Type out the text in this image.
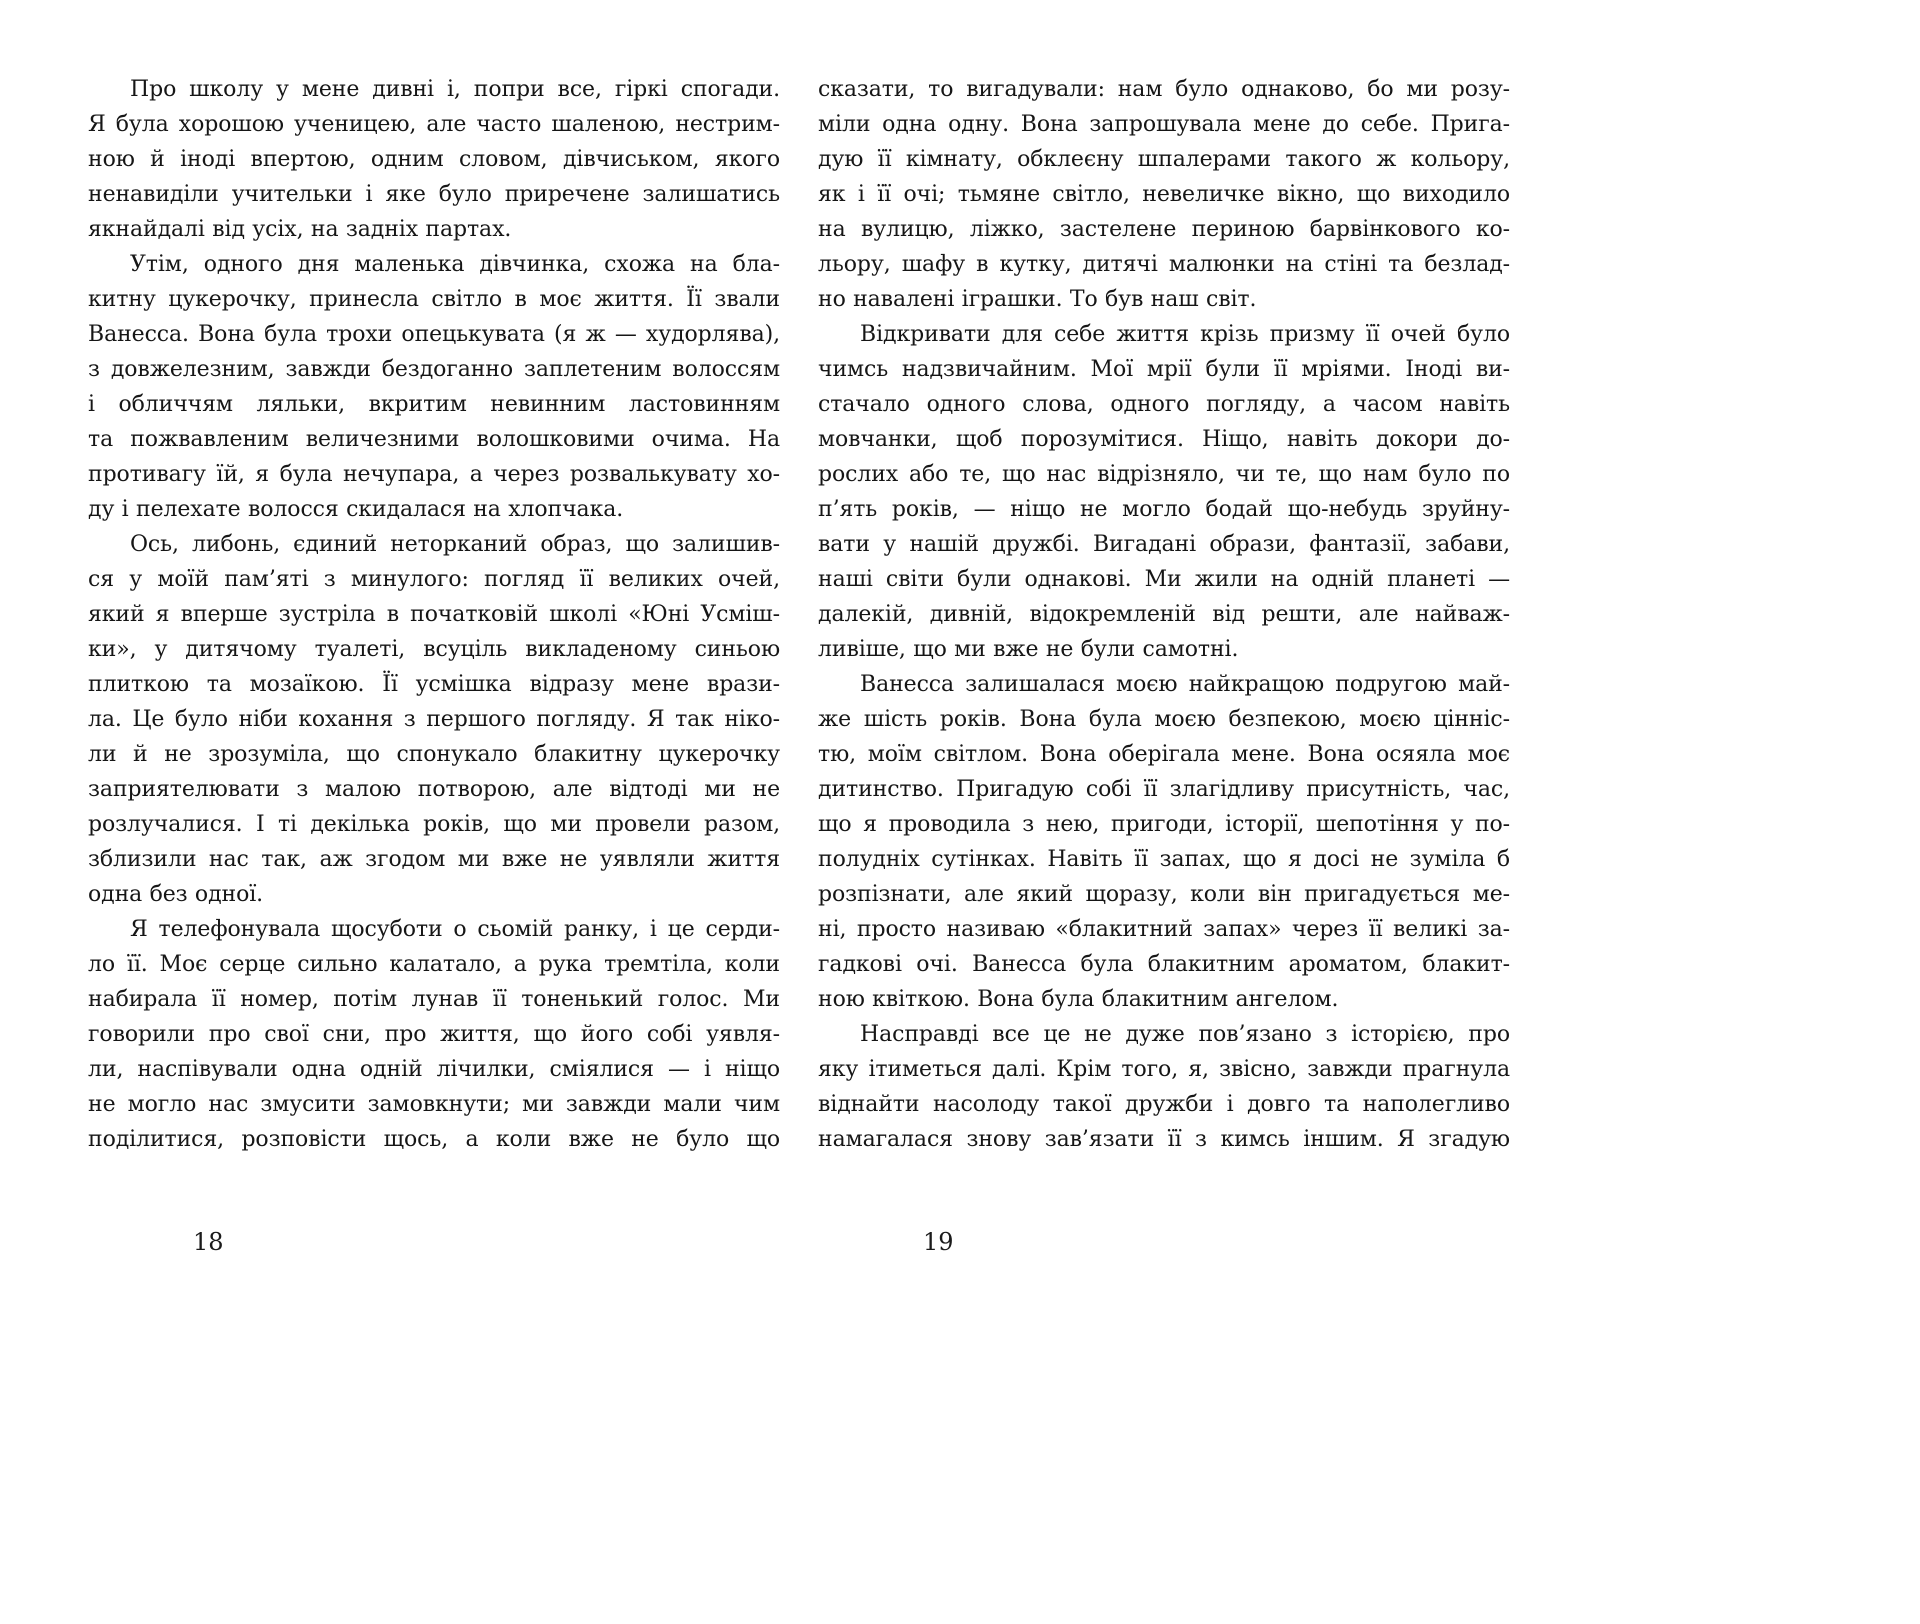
Про школу у мене дивні і, попри все, гіркі спогади.
Я була хорошою ученицею, але часто шаленою, нестрим-
ною й іноді впертою, одним словом, дівчиськом, якого
ненавиділи учительки і яке було приречене залишатись
якнайдалі від усіх, на задніх партах.

Утім, одного дня маленька дівчинка, схожа на бла-
китну цукерочку, принесла світло в моє життя. Її звали
Ванесса. Вона була трохи опецькувата (я ж — худорлява),
з довжелезним, завжди бездоганно заплетеним волоссям
і обличчям ляльки, вкритим невинним ластовинням
та пожвавленим величезними волошковими очима. На
противагу їй, я була нечупара, а через розвалькувату хо-
ду і пелехате волосся скидалася на хлопчака.

Ось, либонь, єдиний неторканий образ, що залишив-
ся у моїй пам’яті з минулого: погляд її великих очей,
який я вперше зустріла в початковій школі «Юні Усміш-
ки», у дитячому туалеті, всуціль викладеному синьою
плиткою та мозаїкою. Її усмішка відразу мене врази-
ла. Це було ніби кохання з першого погляду. Я так ніко-
ли й не зрозуміла, що спонукало блакитну цукерочку
заприятелювати з малою потворою, але відтоді ми не
розлучалися. І ті декілька років, що ми провели разом,
зблизили нас так, аж згодом ми вже не уявляли життя
одна без одної.

Я телефонувала щосуботи о сьомій ранку, і це серди-
ло її. Моє серце сильно калатало, а рука тремтіла, коли
набирала її номер, потім лунав її тоненький голос. Ми
говорили про свої сни, про життя, що його собі уявля-
ли, наспівували одна одній лічилки, сміялися — і ніщо
не могло нас змусити замовкнути; ми завжди мали чим
поділитися, розповісти щось, а коли вже не було що

18

сказати, то вигадували: нам було однаково, бо ми розу-
міли одна одну. Вона запрошувала мене до себе. Прига-
дую її кімнату, обклеєну шпалерами такого ж кольору,
як і її очі; тьмяне світло, невеличке вікно, що виходило
на вулицю, ліжко, застелене периною барвінкового ко-
льору, шафу в кутку, дитячі малюнки на стіні та безлад-
но навалені іграшки. То був наш світ.

Відкривати для себе життя крізь призму її очей було
чимсь надзвичайним. Мої мрії були її мріями. Іноді ви-
стачало одного слова, одного погляду, а часом навіть
мовчанки, щоб порозумітися. Ніщо, навіть докори до-
рослих або те, що нас відрізняло, чи те, що нам було по
п’ять років, — ніщо не могло бодай що-небудь зруйну-
вати у нашій дружбі. Вигадані образи, фантазії, забави,
наші світи були однакові. Ми жили на одній планеті —
далекій, дивній, відокремленій від решти, але найваж-
ливіше, що ми вже не були самотні.

Ванесса залишалася моєю найкращою подругою май-
же шість років. Вона була моєю безпекою, моєю цінніс-
тю, моїм світлом. Вона оберігала мене. Вона осяяла моє
дитинство. Пригадую собі її злагідливу присутність, час,
що я проводила з нею, пригоди, історії, шепотіння у по-
полудніх сутінках. Навіть її запах, що я досі не зуміла б
розпізнати, але який щоразу, коли він пригадується ме-
ні, просто називаю «блакитний запах» через її великі за-
гадкові очі. Ванесса була блакитним ароматом, блакит-
ною квіткою. Вона була блакитним ангелом.

Насправді все це не дуже пов’язано з історією, про
яку ітиметься далі. Крім того, я, звісно, завжди прагнула
віднайти насолоду такої дружби і довго та наполегливо
намагалася знову зав’язати її з кимсь іншим. Я згадую

19
